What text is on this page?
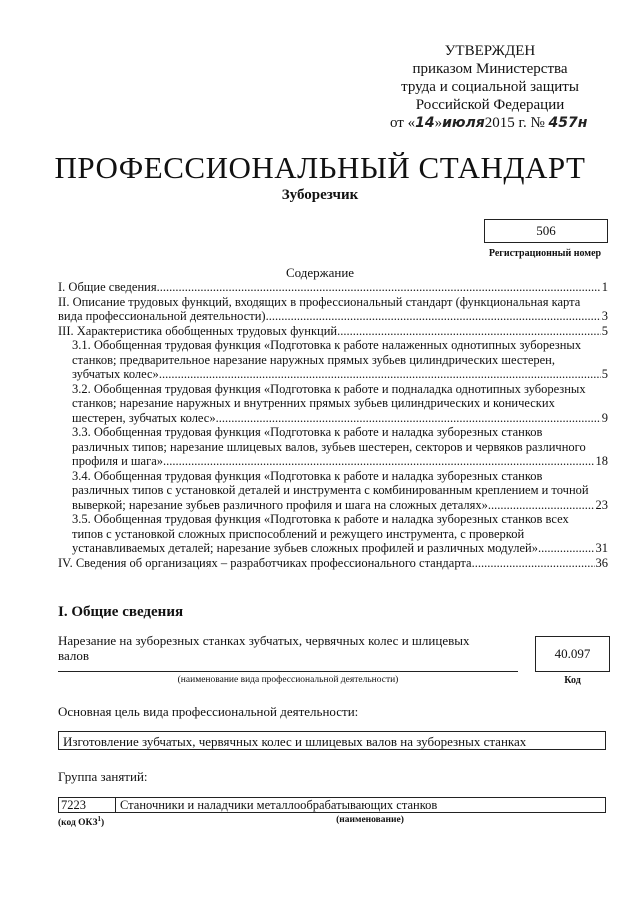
УТВЕРЖДЕН
приказом Министерства
труда и социальной защиты
Российской Федерации
от «14»июля2015 г. № 457н
ПРОФЕССИОНАЛЬНЫЙ СТАНДАРТ
Зуборезчик
506
Регистрационный номер
Содержание
I. Общие сведения .....	1
II. Описание трудовых функций, входящих в профессиональный стандарт (функциональная карта
вида профессиональной деятельности) .....	3
III. Характеристика обобщенных трудовых функций .....	5
3.1. Обобщенная трудовая функция «Подготовка к работе налаженных однотипных зуборезных
станков; предварительное нарезание наружных прямых зубьев цилиндрических шестерен,
зубчатых колес» .....	5
3.2. Обобщенная трудовая функция «Подготовка к работе и подналадка однотипных зуборезных
станков; нарезание наружных и внутренних прямых зубьев цилиндрических и конических
шестерен, зубчатых колес» .....	9
3.3. Обобщенная трудовая функция «Подготовка к работе и наладка зуборезных станков
различных типов; нарезание шлицевых валов, зубьев шестерен, секторов и червяков различного
профиля и шага» .....	18
3.4. Обобщенная трудовая функция «Подготовка к работе и наладка зуборезных станков
различных типов с установкой деталей и инструмента с комбинированным креплением и точной
выверкой; нарезание зубьев различного профиля и шага на сложных деталях» .....	23
3.5. Обобщенная трудовая функция «Подготовка к работе и наладка зуборезных станков всех
типов с установкой сложных приспособлений и режущего инструмента, с проверкой
устанавливаемых деталей; нарезание зубьев сложных профилей и различных модулей» .....	31
IV. Сведения об организациях – разработчиках профессионального стандарта .....	36
I. Общие сведения
Нарезание на зуборезных станках зубчатых, червячных колес и шлицевых валов
(наименование вида профессиональной деятельности)
40.097
Код
Основная цель вида профессиональной деятельности:
Изготовление зубчатых, червячных колес и шлицевых валов на зуборезных станках
Группа занятий:
7223	Станочники и наладчики металлообрабатывающих станков
(код ОКЗ$^1$)	(наименование)
